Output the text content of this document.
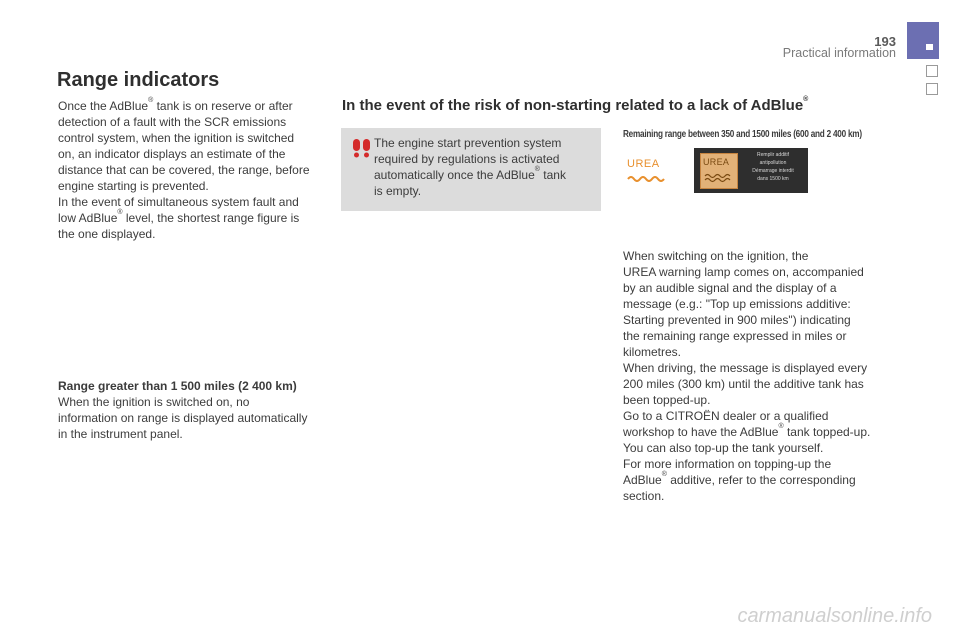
193
Practical information
Range indicators
Once the AdBlue® tank is on reserve or after
detection of a fault with the SCR emissions
control system, when the ignition is switched
on, an indicator displays an estimate of the
distance that can be covered, the range, before
engine starting is prevented.
In the event of simultaneous system fault and
low AdBlue® level, the shortest range figure is
the one displayed.
Range greater than 1 500 miles (2 400 km)
When the ignition is switched on, no
information on range is displayed automatically
in the instrument panel.
In the event of the risk of non-starting related to a lack of AdBlue®
The engine start prevention system
required by regulations is activated
automatically once the AdBlue® tank
is empty.
Remaining range between 350 and 1500 miles (600 and 2 400 km)
UREA	UREA
Remplir additif
antipollution
Démarrage interdit
dans 1500 km
When switching on the ignition, the
UREA warning lamp comes on, accompanied
by an audible signal and the display of a
message (e.g.: "Top up emissions additive:
Starting prevented in 900 miles") indicating
the remaining range expressed in miles or
kilometres.
When driving, the message is displayed every
200 miles (300 km) until the additive tank has
been topped-up.
Go to a CITROËN dealer or a qualified
workshop to have the AdBlue® tank topped-up.
You can also top-up the tank yourself.
For more information on topping-up the
AdBlue® additive, refer to the corresponding
section.
carmanualsonline.info
